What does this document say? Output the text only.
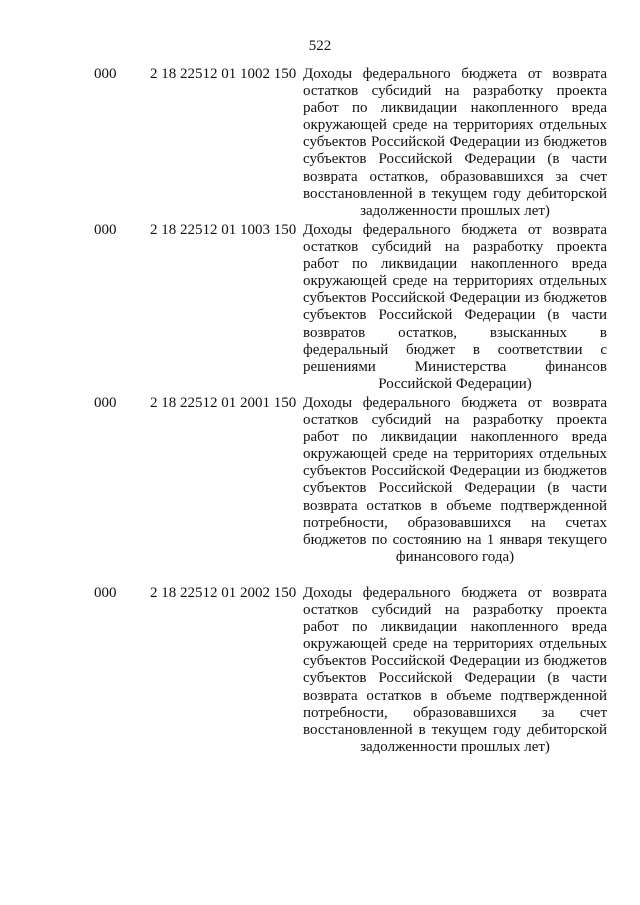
522
000 2 18 22512 01 1002 150 Доходы федерального бюджета от возврата остатков субсидий на разработку проекта работ по ликвидации накопленного вреда окружающей среде на территориях отдельных субъектов Российской Федерации из бюджетов субъектов Российской Федерации (в части возврата остатков, образовавшихся за счет восстановленной в текущем году дебиторской задолженности прошлых лет)
000 2 18 22512 01 1003 150 Доходы федерального бюджета от возврата остатков субсидий на разработку проекта работ по ликвидации накопленного вреда окружающей среде на территориях отдельных субъектов Российской Федерации из бюджетов субъектов Российской Федерации (в части возвратов остатков, взысканных в федеральный бюджет в соответствии с решениями Министерства финансов Российской Федерации)
000 2 18 22512 01 2001 150 Доходы федерального бюджета от возврата остатков субсидий на разработку проекта работ по ликвидации накопленного вреда окружающей среде на территориях отдельных субъектов Российской Федерации из бюджетов субъектов Российской Федерации (в части возврата остатков в объеме подтвержденной потребности, образовавшихся на счетах бюджетов по состоянию на 1 января текущего финансового года)
000 2 18 22512 01 2002 150 Доходы федерального бюджета от возврата остатков субсидий на разработку проекта работ по ликвидации накопленного вреда окружающей среде на территориях отдельных субъектов Российской Федерации из бюджетов субъектов Российской Федерации (в части возврата остатков в объеме подтвержденной потребности, образовавшихся за счет восстановленной в текущем году дебиторской задолженности прошлых лет)
